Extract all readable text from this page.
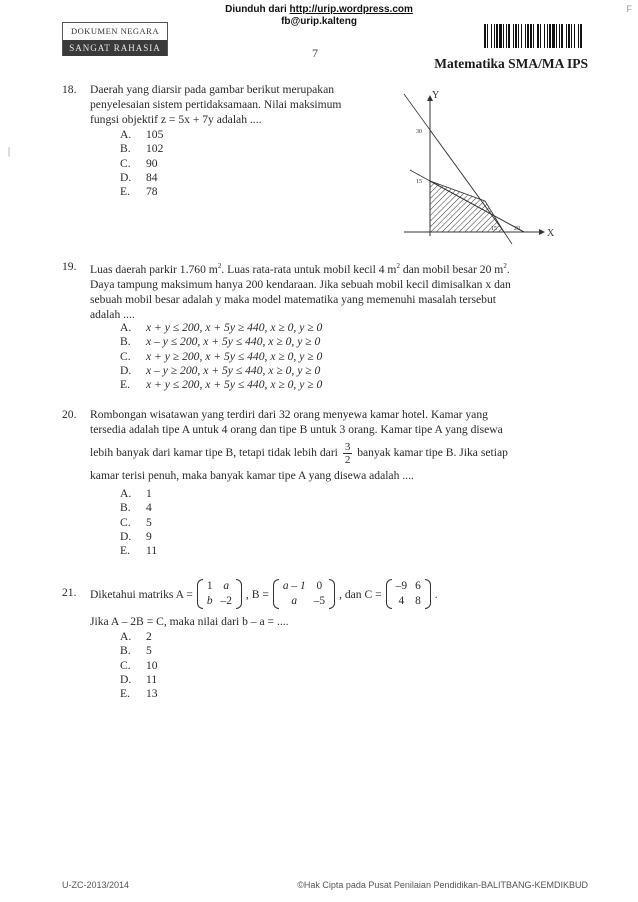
Diunduh dari http://urip.wordpress.com
fb@urip.kalteng
F
DOKUMEN NEGARA
SANGAT RAHASIA	7
Matematika SMA/MA IPS
18.	Daerah yang diarsir pada gambar berikut merupakan
penyelesaian sistem pertidaksamaan. Nilai maksimum
fungsi objektif z = 5x + 7y adalah ....
A. 105
B. 102
C. 90
D. 84
E. 78
Y
X
30
15
15	20
19.	Luas daerah parkir 1.760 $m^2$. Luas rata-rata untuk mobil kecil 4 $m^2$ dan mobil besar 20 $m^2$.
Daya tampung maksimum hanya 200 kendaraan. Jika sebuah mobil kecil dimisalkan x dan
sebuah mobil besar adalah y maka model matematika yang memenuhi masalah tersebut
adalah ....
A. x + y ≤ 200, x + 5y ≥ 440, x ≥ 0, y ≥ 0
B. x – y ≤ 200, x + 5y ≤ 440, x ≥ 0, y ≥ 0
C. x + y ≥ 200, x + 5y ≤ 440, x ≥ 0, y ≥ 0
D. x – y ≥ 200, x + 5y ≤ 440, x ≥ 0, y ≥ 0
E. x + y ≤ 200, x + 5y ≤ 440, x ≥ 0, y ≥ 0
20.	Rombongan wisatawan yang terdiri dari 32 orang menyewa kamar hotel. Kamar yang
tersedia adalah tipe A untuk 4 orang dan tipe B untuk 3 orang. Kamar tipe A yang disewa
lebih banyak dari kamar tipe B, tetapi tidak lebih dari $\frac{3}{2}$ banyak kamar tipe B. Jika setiap
kamar terisi penuh, maka banyak kamar tipe A yang disewa adalah ....
A. 1
B. 4
C. 5
D. 9
E. 11
21.	Diketahui matriks A =
1	a
b	–2
, B =
a – 1	0
a	–5
, dan C =
–9	6
4	8
.
Jika A – 2B = C, maka nilai dari b – a = ....
A. 2
B. 5
C. 10
D. 11
E. 13
|
U-ZC-2013/2014	©Hak Cipta pada Pusat Penilaian Pendidikan-BALITBANG-KEMDIKBUD
